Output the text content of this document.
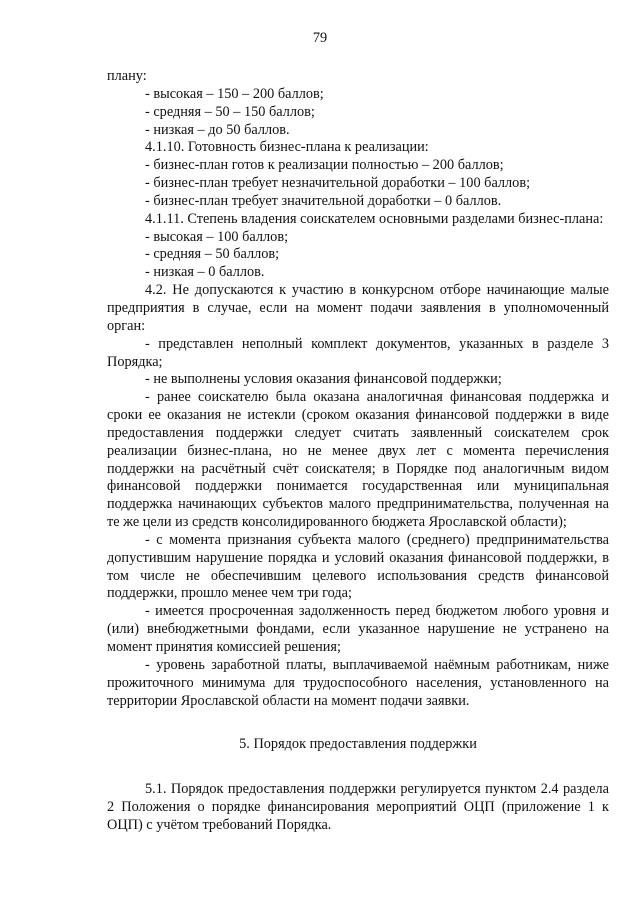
79

плану:

- высокая – 150 – 200 баллов;

- средняя – 50 – 150 баллов;

- низкая – до 50 баллов.

4.1.10. Готовность бизнес-плана к реализации:

- бизнес-план готов к реализации полностью – 200 баллов;

- бизнес-план требует незначительной доработки – 100 баллов;

- бизнес-план требует значительной доработки – 0 баллов.

4.1.11. Степень владения соискателем основными разделами бизнес-плана:

- высокая – 100 баллов;

- средняя – 50 баллов;

- низкая – 0 баллов.

4.2. Не допускаются к участию в конкурсном отборе начинающие малые предприятия в случае, если на момент подачи заявления в уполномоченный орган:

- представлен неполный комплект документов, указанных в разделе 3 Порядка;

- не выполнены условия оказания финансовой поддержки;

- ранее соискателю была оказана аналогичная финансовая поддержка и сроки ее оказания не истекли (сроком оказания финансовой поддержки в виде предоставления поддержки следует считать заявленный соискателем срок реализации бизнес-плана, но не менее двух лет с момента перечисления поддержки на расчётный счёт соискателя; в Порядке под аналогичным видом финансовой поддержки понимается государственная или муниципальная поддержка начинающих субъектов малого предпринимательства, полученная на те же цели из средств консолидированного бюджета Ярославской области);

- с момента признания субъекта малого (среднего) предпринимательства допустившим нарушение порядка и условий оказания финансовой поддержки, в том числе не обеспечившим целевого использования средств финансовой поддержки, прошло менее чем три года;

- имеется просроченная задолженность перед бюджетом любого уровня и (или) внебюджетными фондами, если указанное нарушение не устранено на момент принятия комиссией решения;

- уровень заработной платы, выплачиваемой наёмным работникам, ниже прожиточного минимума для трудоспособного населения, установленного на территории Ярославской области на момент подачи заявки.

5. Порядок предоставления поддержки

5.1. Порядок предоставления поддержки регулируется пунктом 2.4 раздела 2 Положения о порядке финансирования мероприятий ОЦП (приложение 1 к ОЦП) с учётом требований Порядка.
